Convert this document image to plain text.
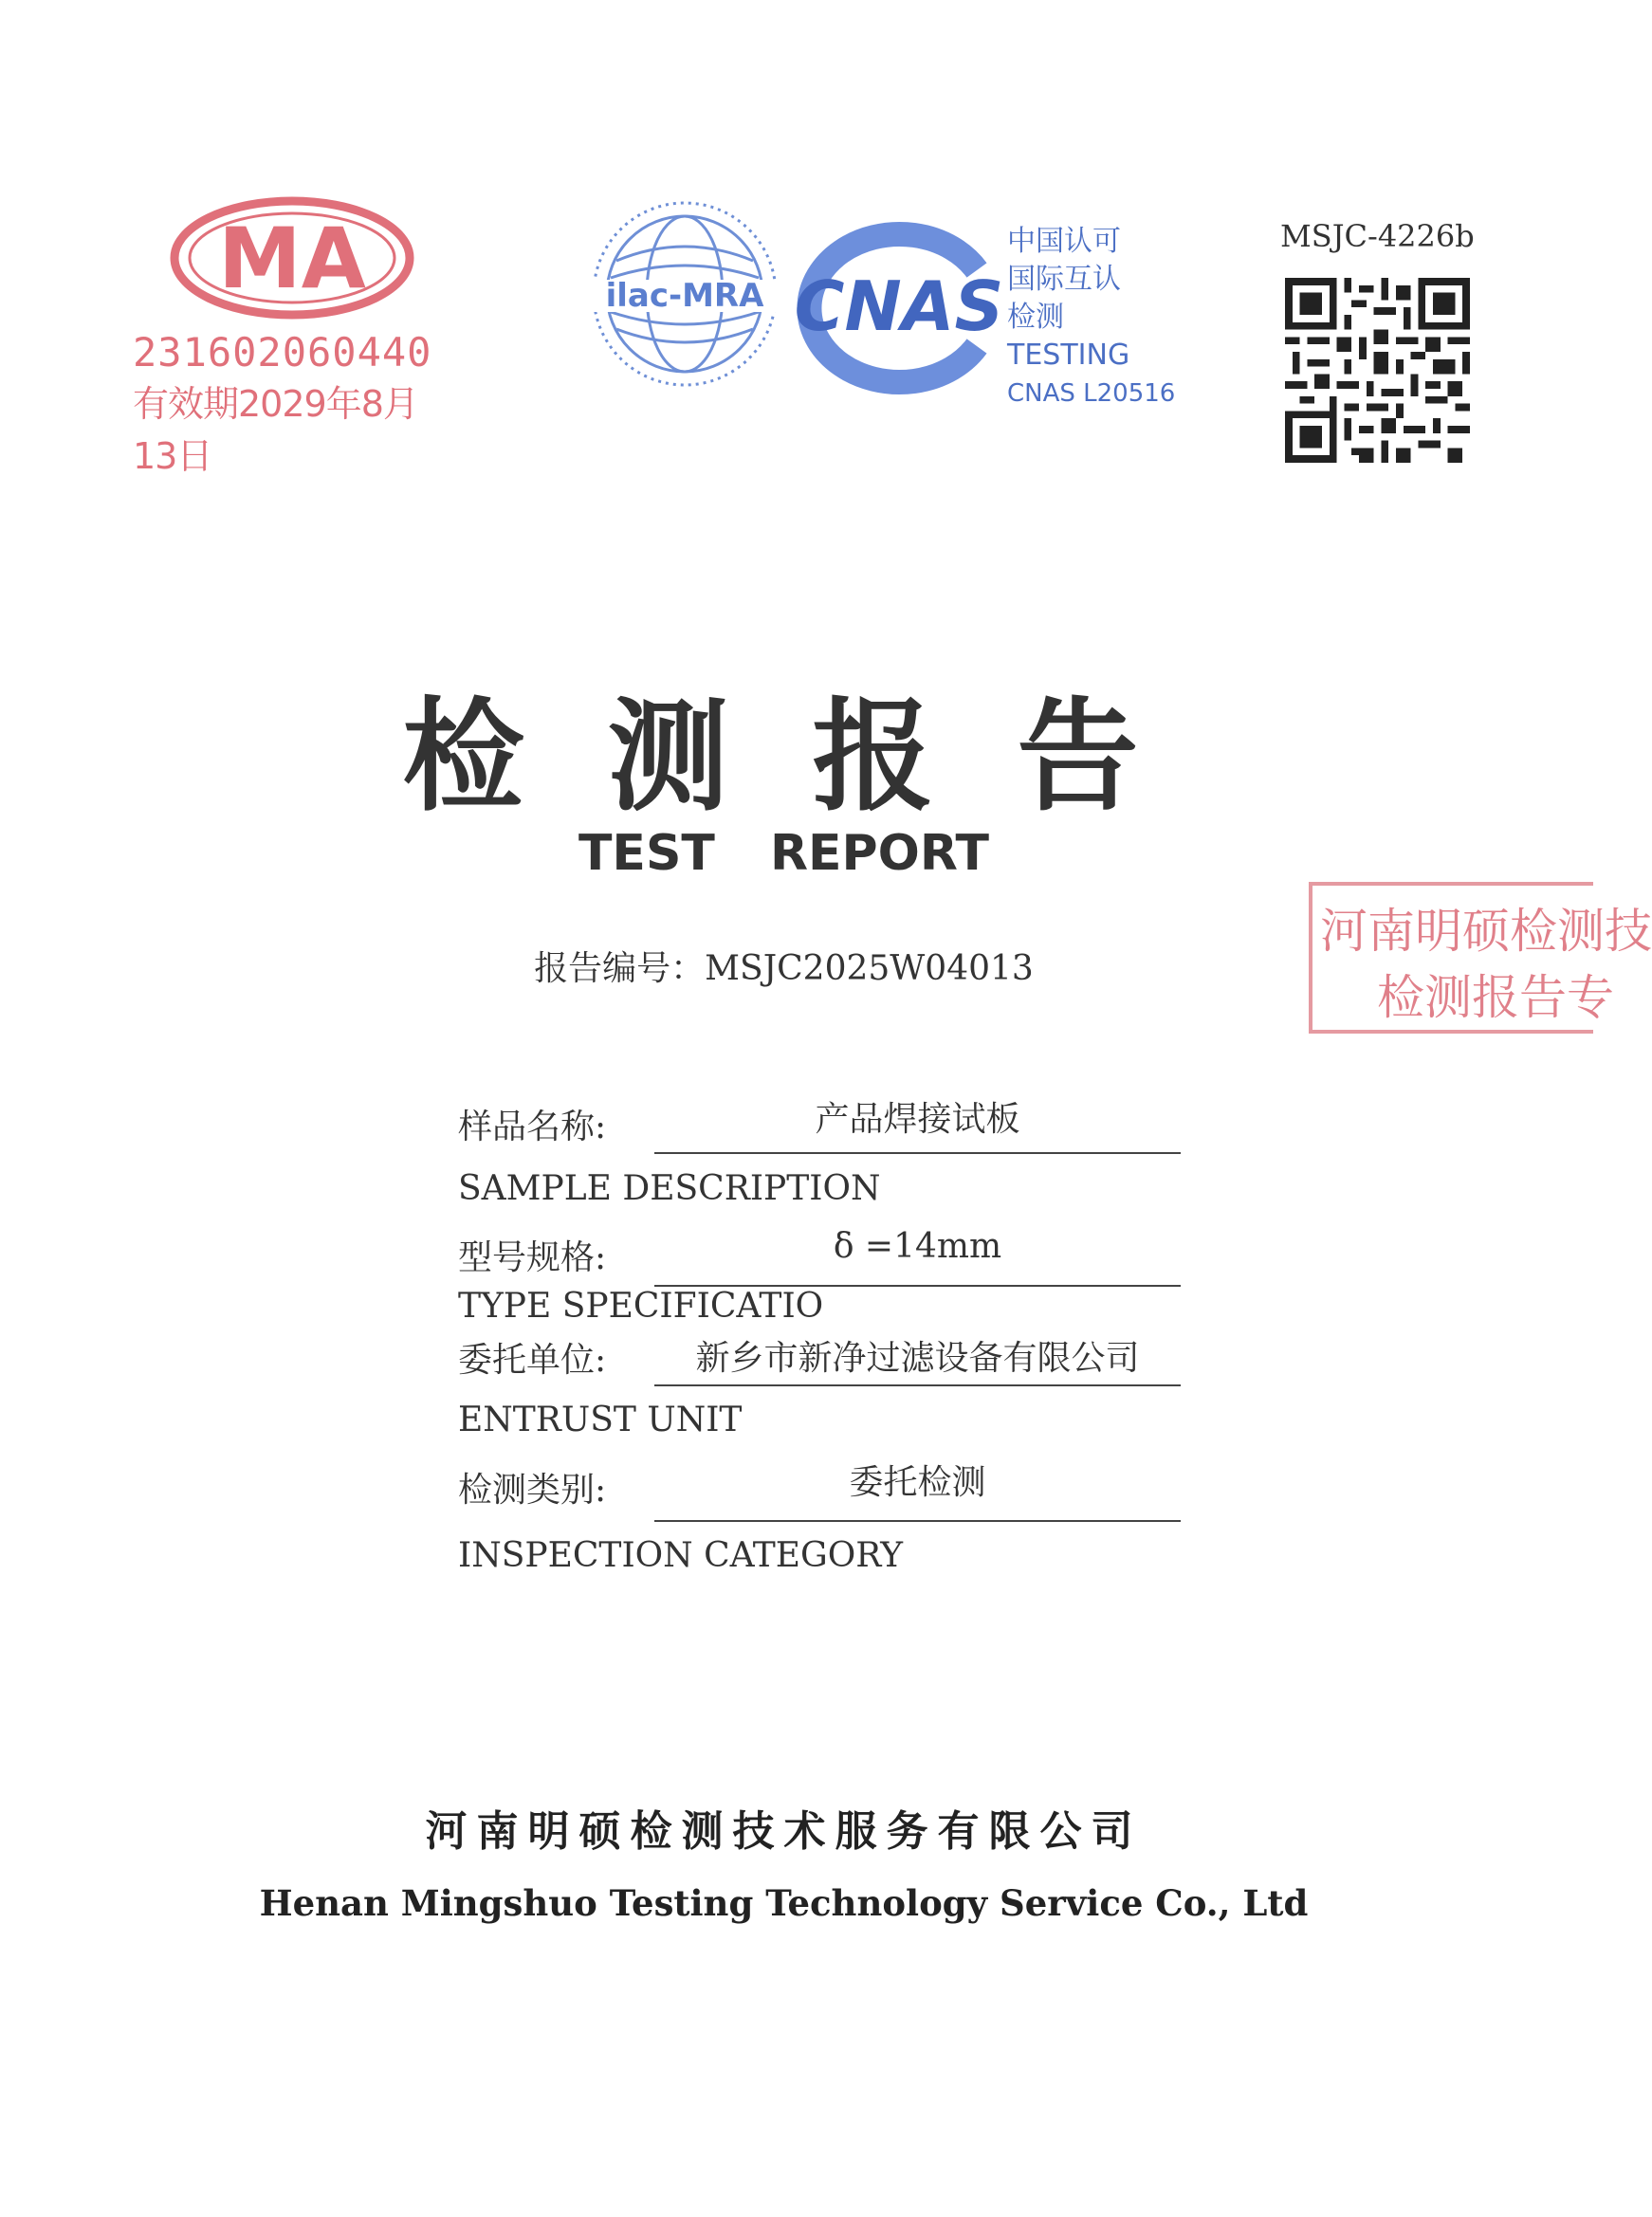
MA
231602060440
有效期2029年8月13日
ilac-MRA CNAS
中国认可
国际互认
检测
TESTING
CNAS L20516
MSJC-4226b
检测报告
TEST REPORT
报告编号：MSJC2025W04013
河南明硕检测技
检测报告专
样品名称:	产品焊接试板
SAMPLE DESCRIPTION
型号规格:	δ =14mm
TYPE SPECIFICATIO
委托单位:	新乡市新净过滤设备有限公司
ENTRUST UNIT
检测类别:	委托检测
INSPECTION CATEGORY
河南明硕检测技术服务有限公司
Henan Mingshuo Testing Technology Service Co., Ltd
